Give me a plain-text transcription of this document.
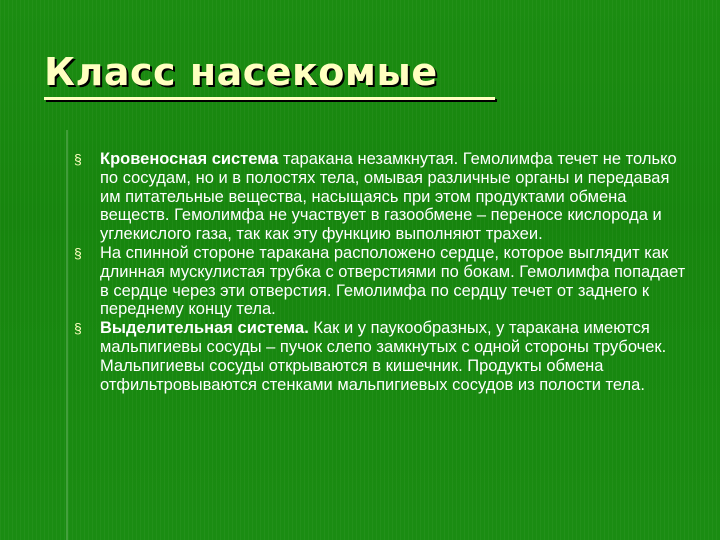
Класс насекомые
§ Кровеносная система таракана незамкнутая. Гемолимфа течет не только по сосудам, но и в полостях тела, омывая различные органы и передавая им питательные вещества, насыщаясь при этом продуктами обмена веществ. Гемолимфа не участвует в газообмене – переносе кислорода и углекислого газа, так как эту функцию выполняют трахеи.
§ На спинной стороне таракана расположено сердце, которое выглядит как длинная мускулистая трубка с отверстиями по бокам. Гемолимфа попадает в сердце через эти отверстия. Гемолимфа по сердцу течет от заднего к переднему концу тела.
§ Выделительная система. Как и у паукообразных, у таракана имеются мальпигиевы сосуды – пучок слепо замкнутых с одной стороны трубочек. Мальпигиевы сосуды открываются в кишечник. Продукты обмена отфильтровываются стенками мальпигиевых сосудов из полости тела.
